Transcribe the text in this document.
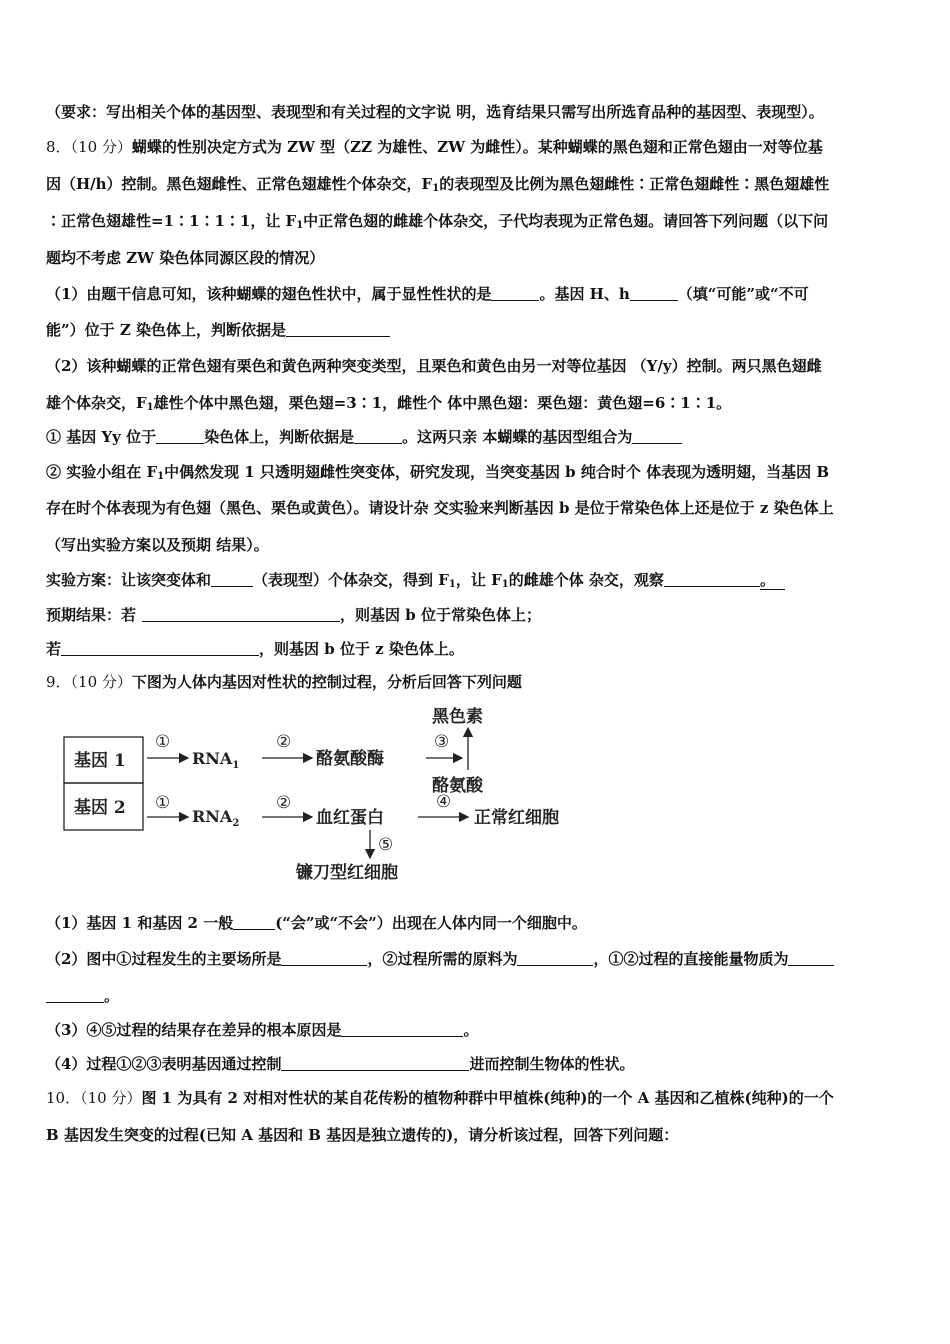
（要求：写出相关个体的基因型、表现型和有关过程的文字说 明，选育结果只需写出所选育品种的基因型、表现型）。
8．（10 分）蝴蝶的性别决定方式为 ZW 型（ZZ 为雄性、ZW 为雌性）。某种蝴蝶的黑色翅和正常色翅由一对等位基
因（H/h）控制。黑色翅雌性、正常色翅雄性个体杂交，$F_1$的表现型及比例为黑色翅雌性∶正常色翅雌性∶黑色翅雄性
∶正常色翅雄性=1∶1∶1∶1，让 $F_1$中正常色翅的雌雄个体杂交，子代均表现为正常色翅。请回答下列问题（以下问
题均不考虑 ZW 染色体同源区段的情况）
（1）由题干信息可知，该种蝴蝶的翅色性状中，属于显性性状的是	。基因 H、h	（填“可能”或“不可
能”）位于 Z 染色体上，判断依据是
（2）该种蝴蝶的正常色翅有栗色和黄色两种突变类型，且栗色和黄色由另一对等位基因 （Y/y）控制。两只黑色翅雌
雄个体杂交，$F_1$雄性个体中黑色翅，栗色翅=3∶1，雌性个 体中黑色翅：栗色翅：黄色翅=6∶1∶1。
① 基因 Yy 位于	染色体上，判断依据是	。这两只亲 本蝴蝶的基因型组合为
② 实验小组在 $F_1$中偶然发现 1 只透明翅雌性突变体，研究发现，当突变基因 b 纯合时个 体表现为透明翅，当基因 B
存在时个体表现为有色翅（黑色、栗色或黄色）。请设计杂 交实验来判断基因 b 是位于常染色体上还是位于 z 染色体上
（写出实验方案以及预期 结果）。
实验方案：让该突变体和	（表现型）个体杂交，得到 $F_1$，让 $F_1$的雌雄个体 杂交，观察	。
预期结果：若	，则基因 b 位于常染色体上；
若	，则基因 b 位于 z 染色体上。
9．（10 分）下图为人体内基因对性状的控制过程，分析后回答下列问题
基因 1
基因 2
①
$RNA_1$
②
酪氨酸酶
③
黑色素
酪氨酸
①
$RNA_2$
②
血红蛋白
④
正常红细胞
⑤
镰刀型红细胞
（1）基因 1 和基因 2 一般	(“会”或“不会”）出现在人体内同一个细胞中。
（2）图中①过程发生的主要场所是	，②过程所需的原料为	，①②过程的直接能量物质为
。
（3）④⑤过程的结果存在差异的根本原因是	。
（4）过程①②③表明基因通过控制	进而控制生物体的性状。
10．（10 分）图 1 为具有 2 对相对性状的某自花传粉的植物种群中甲植株(纯种)的一个 A 基因和乙植株(纯种)的一个
B 基因发生突变的过程(已知 A 基因和 B 基因是独立遗传的)，请分析该过程，回答下列问题：
